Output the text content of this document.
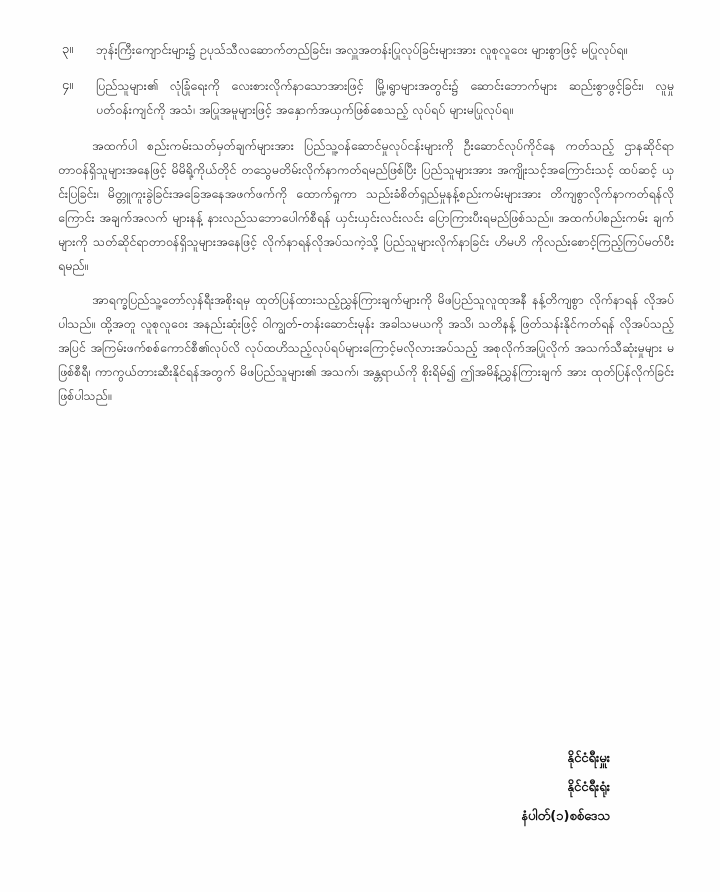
၃။	ဘုန်းကြီးကျောင်းများ၌ ဥပုသ်သီလဆောက်တည်ခြင်း၊ အလှူအတန်းပြုလုပ်ခြင်းများအား လူစုလူဝေး များစွာဖြင့် မပြုလုပ်ရ။
၄။	ပြည်သူများ၏ လုံခြုံရေးကို လေးစားလိုက်နာသောအားဖြင့် မြို့၊ရွာများအတွင်း၌ ဆောင်းဘောက်များ ဆည်းစွာဖွင့်ခြင်း၊ လူမှုပတ်ဝန်းကျင်ကို အသံ၊ အပြုအမူများဖြင့် အနှောက်အယှက်ဖြစ်စေသည့် လုပ်ရပ် များမပြုလုပ်ရ။

အထက်ပါ စည်းကမ်းသတ်မှတ်ချက်များအား ပြည်သူ့ဝန်ဆောင်မှုလုပ်ငန်းများကို ဦးဆောင်လုပ်ကိုင်နေ ကတ်သည့် ဌာနဆိုင်ရာတာဝန်ရှိသူများအနေဖြင့် မိမိရို့ကိုယ်တိုင် တသွေမတိမ်းလိုက်နာကတ်ရမည်ဖြစ်ပြီး ပြည်သူများအား အကျိုးသင့်အကြောင်းသင့် ထပ်ဆင့် ယှင်းပြခြင်း၊ မိတ္တူကူးခွဲခြင်းအခြေအနေအဖက်ဖက်ကို ထောက်ရှုကာ သည်းခံစိတ်ရှည်မှုနန့်စည်းကမ်းများအား တိကျစွာလိုက်နာကတ်ရန်လိုကြောင်း အချက်အလက် များနန့် နားလည်သဘောပေါက်စီရန် ယှင်းယှင်းလင်းလင်း ပြောကြားပီးရမည်ဖြစ်သည်။ အထက်ပါစည်းကမ်း ချက်များကို သတ်ဆိုင်ရာတာဝန်ရှိသူများအနေဖြင့် လိုက်နာရန်လိုအပ်သကဲ့သို့ ပြည်သူများလိုက်နာခြင်း ဟိမဟိ ကိုလည်းစောင့်ကြည့်ကြပ်မတ်ပီးရမည်။

အာရက္ခပြည်သူ့တော်လှန်ရီးအစိုးရမှ ထုတ်ပြန်ထားသည့်ညွှန်ကြားချက်များကို မိဖပြည်သူလူထုအနီ နန့်တိကျစွာ လိုက်နာရန် လိုအပ်ပါသည်။ ထို့အတူ လူစုလူဝေး အနည်းဆုံးဖြင့် ဝါကျွတ်-တန်းဆောင်းမုန်း အခါသမယကို အသိ၊ သတိနန့် ဖြတ်သန်းနိုင်ကတ်ရန် လိုအပ်သည့်အပြင် အကြမ်းဖက်စစ်ကောင်စီ၏လုပ်လိ လုပ်ထဟိသည့်လုပ်ရပ်များကြောင့်မလိုလားအပ်သည့် အစုလိုက်အပြုလိုက် အသက်သီဆုံးမှုများ မဖြစ်စီရီ၊ ကာကွယ်တားဆီးနိုင်ရန်အတွက် မိဖပြည်သူများ၏ အသက်၊ အန္တရာယ်ကို စိုးရိမ်၍ ဤအမိန့်ညွှန်ကြားချက် အား ထုတ်ပြန်လိုက်ခြင်းဖြစ်ပါသည်။

နိုင်ငံရီးမှူး
နိုင်ငံရီးရုံး
နံပါတ်(၁)စစ်ဒေသ
